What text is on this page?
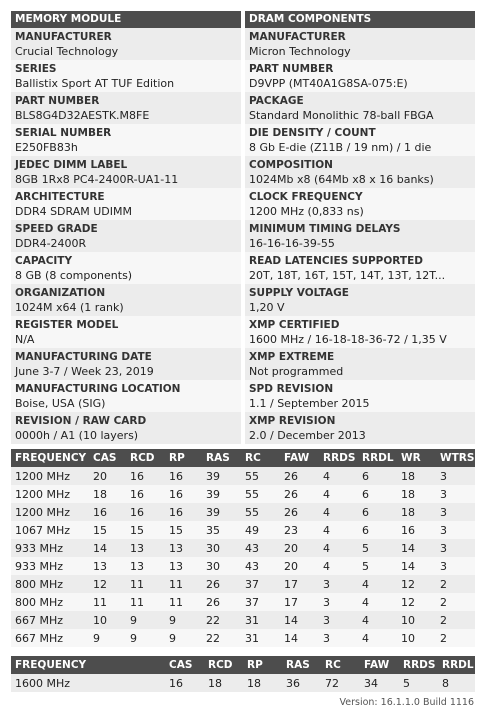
MEMORY MODULE
MANUFACTURER
Crucial Technology
SERIES
Ballistix Sport AT TUF Edition
PART NUMBER
BLS8G4D32AESTK.M8FE
SERIAL NUMBER
E250FB83h
JEDEC DIMM LABEL
8GB 1Rx8 PC4-2400R-UA1-11
ARCHITECTURE
DDR4 SDRAM UDIMM
SPEED GRADE
DDR4-2400R
CAPACITY
8 GB (8 components)
ORGANIZATION
1024M x64 (1 rank)
REGISTER MODEL
N/A
MANUFACTURING DATE
June 3-7 / Week 23, 2019
MANUFACTURING LOCATION
Boise, USA (SIG)
REVISION / RAW CARD
0000h / A1 (10 layers)
DRAM COMPONENTS
MANUFACTURER
Micron Technology
PART NUMBER
D9VPP (MT40A1G8SA-075:E)
PACKAGE
Standard Monolithic 78-ball FBGA
DIE DENSITY / COUNT
8 Gb E-die (Z11B / 19 nm) / 1 die
COMPOSITION
1024Mb x8 (64Mb x8 x 16 banks)
CLOCK FREQUENCY
1200 MHz (0,833 ns)
MINIMUM TIMING DELAYS
16-16-16-39-55
READ LATENCIES SUPPORTED
20T, 18T, 16T, 15T, 14T, 13T, 12T...
SUPPLY VOLTAGE
1,20 V
XMP CERTIFIED
1600 MHz / 16-18-18-36-72 / 1,35 V
XMP EXTREME
Not programmed
SPD REVISION
1.1 / September 2015
XMP REVISION
2.0 / December 2013
FREQUENCY	CAS	RCD	RP	RAS	RC	FAW	RRDS	RRDL	WR	WTRS
1200 MHz	20	16	16	39	55	26	4	6	18	3
1200 MHz	18	16	16	39	55	26	4	6	18	3
1200 MHz	16	16	16	39	55	26	4	6	18	3
1067 MHz	15	15	15	35	49	23	4	6	16	3
933 MHz	14	13	13	30	43	20	4	5	14	3
933 MHz	13	13	13	30	43	20	4	5	14	3
800 MHz	12	11	11	26	37	17	3	4	12	2
800 MHz	11	11	11	26	37	17	3	4	12	2
667 MHz	10	9	9	22	31	14	3	4	10	2
667 MHz	9	9	9	22	31	14	3	4	10	2
FREQUENCY		CAS	RCD	RP	RAS	RC	FAW	RRDS	RRDL
1600 MHz		16	18	18	36	72	34	5	8
Version: 16.1.1.0 Build 1116
